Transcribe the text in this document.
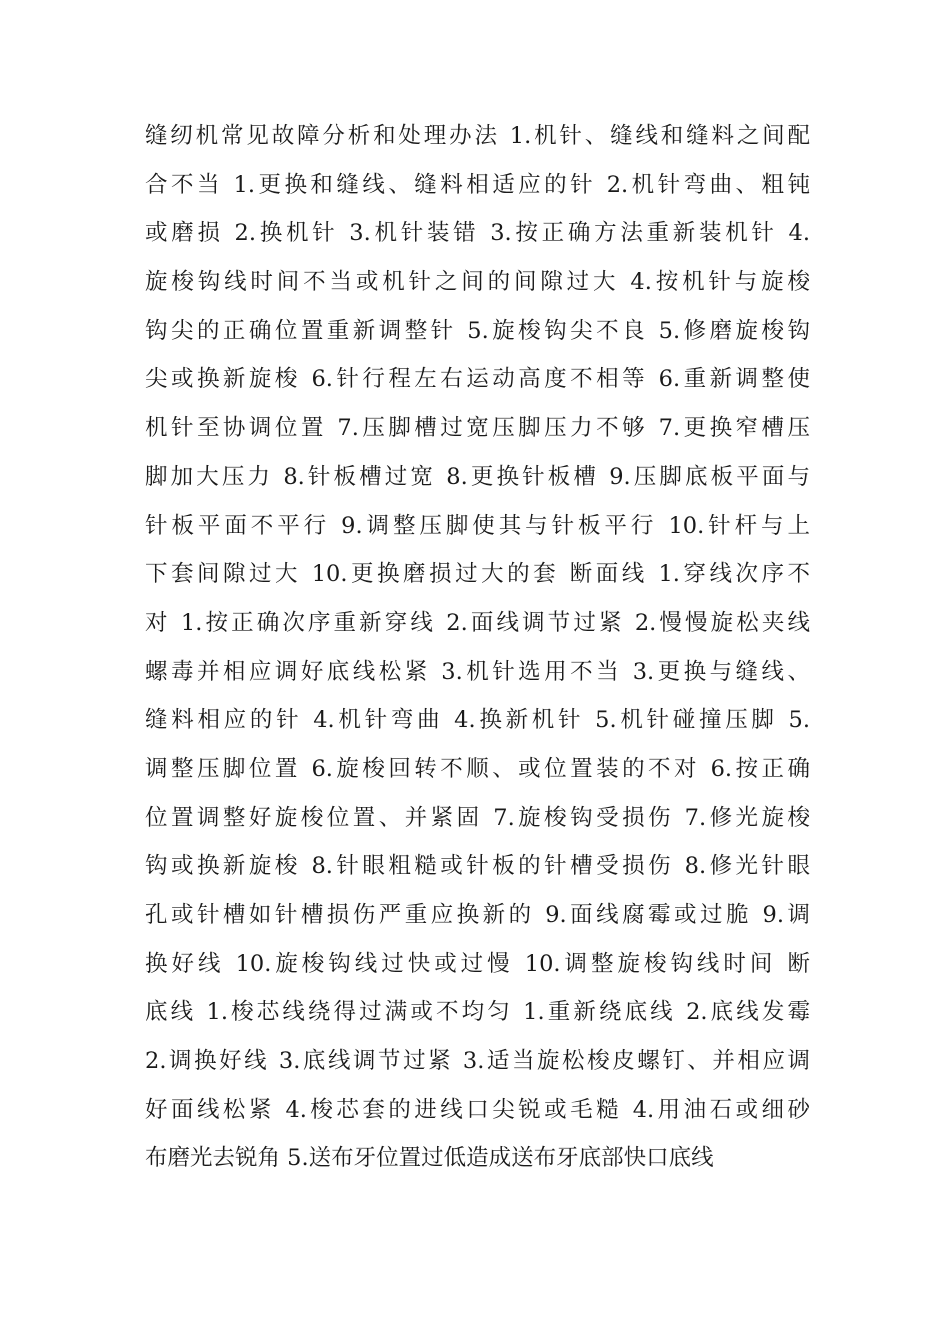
缝纫机常见故障分析和处理办法 1.机针、缝线和缝料之间配
合不当 1.更换和缝线、缝料相适应的针 2.机针弯曲、粗钝
或磨损 2.换机针 3.机针装错 3.按正确方法重新装机针 4.
旋梭钩线时间不当或机针之间的间隙过大 4.按机针与旋梭
钩尖的正确位置重新调整针 5.旋梭钩尖不良 5.修磨旋梭钩
尖或换新旋梭 6.针行程左右运动高度不相等 6.重新调整使
机针至协调位置 7.压脚槽过宽压脚压力不够 7.更换窄槽压
脚加大压力 8.针板槽过宽 8.更换针板槽 9.压脚底板平面与
针板平面不平行 9.调整压脚使其与针板平行 10.针杆与上
下套间隙过大 10.更换磨损过大的套 断面线 1.穿线次序不
对 1.按正确次序重新穿线 2.面线调节过紧 2.慢慢旋松夹线
螺毒并相应调好底线松紧 3.机针选用不当 3.更换与缝线、
缝料相应的针 4.机针弯曲 4.换新机针 5.机针碰撞压脚 5.
调整压脚位置 6.旋梭回转不顺、或位置装的不对 6.按正确
位置调整好旋梭位置、并紧固 7.旋梭钩受损伤 7.修光旋梭
钩或换新旋梭 8.针眼粗糙或针板的针槽受损伤 8.修光针眼
孔或针槽如针槽损伤严重应换新的 9.面线腐霉或过脆 9.调
换好线 10.旋梭钩线过快或过慢 10.调整旋梭钩线时间 断
底线 1.梭芯线绕得过满或不均匀 1.重新绕底线 2.底线发霉
2.调换好线 3.底线调节过紧 3.适当旋松梭皮螺钉、并相应调
好面线松紧 4.梭芯套的进线口尖锐或毛糙 4.用油石或细砂
布磨光去锐角 5.送布牙位置过低造成送布牙底部快口底线
